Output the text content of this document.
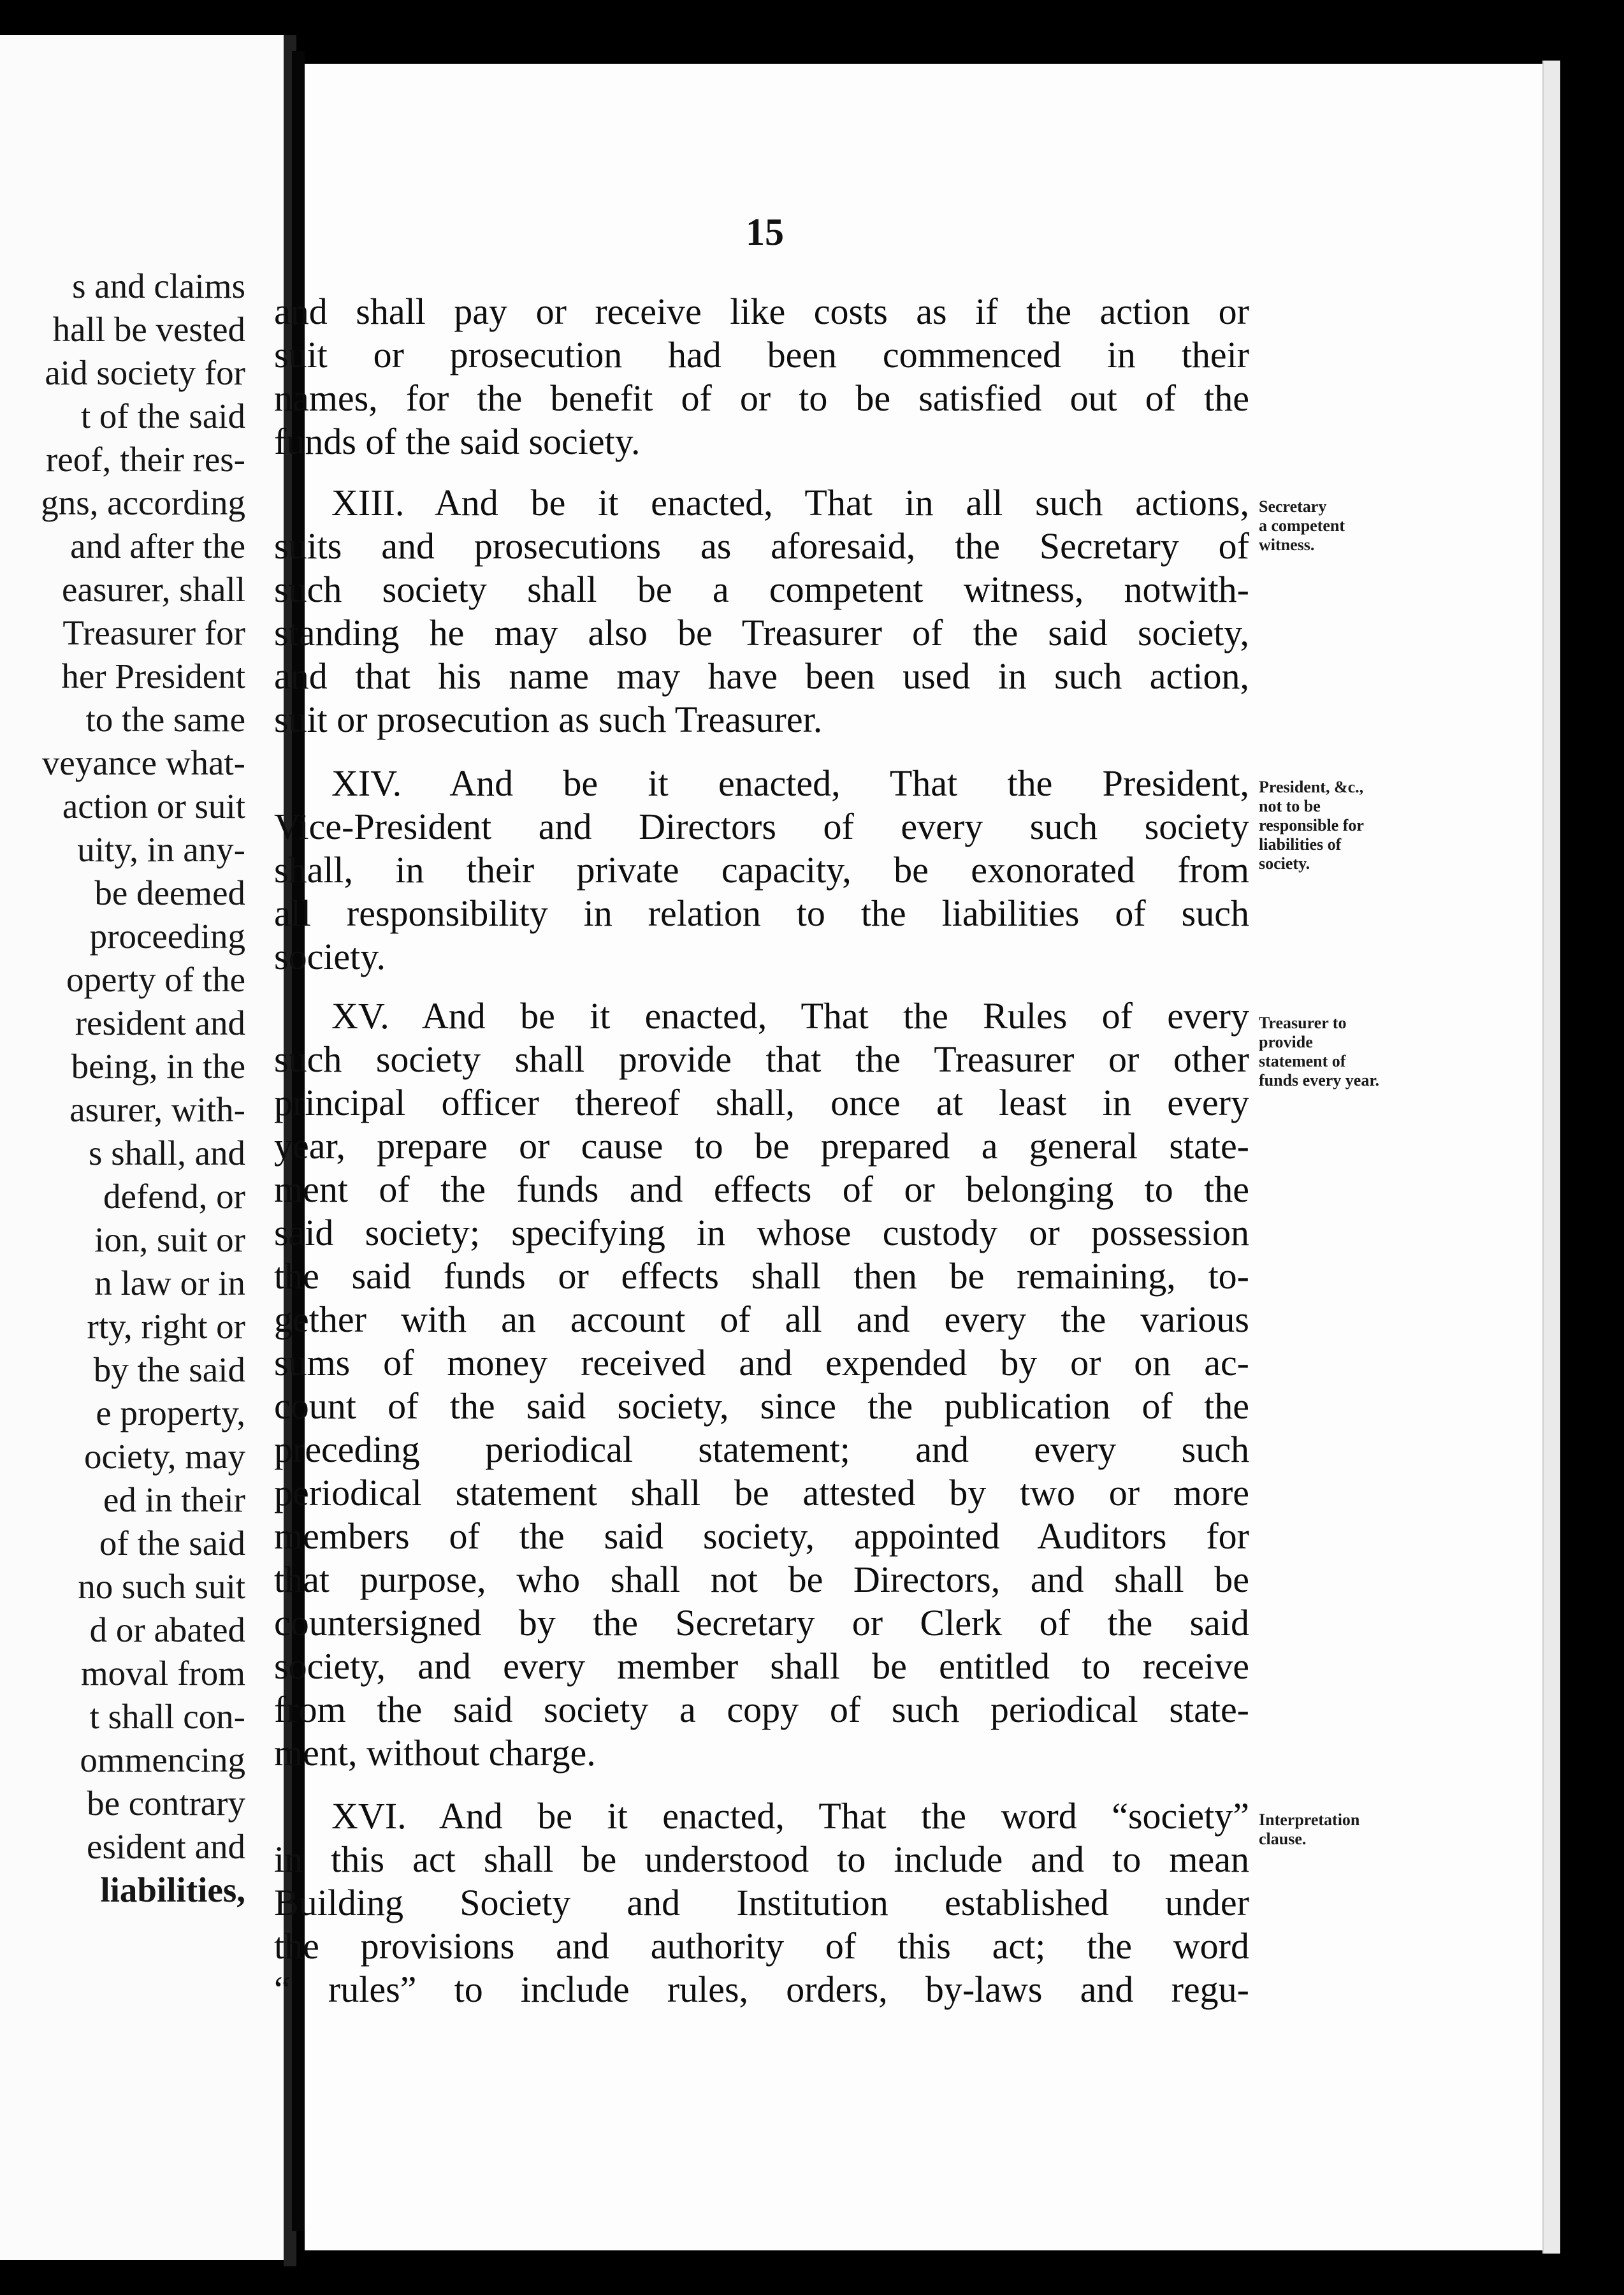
s and claims
hall be vested
aid society for
t of the said
reof, their res-
gns, according
and after the
easurer, shall
Treasurer for
her President
to the same
veyance what-
action or suit
uity, in any-
be deemed
proceeding
operty of the
resident and
being, in the
asurer, with-
s shall, and
defend, or
ion, suit or
n law or in
rty, right or
by the said
e property,
ociety, may
ed in their
of the said
no such suit
d or abated
moval from
t shall con-
ommencing
be contrary
esident and
liabilities,
15
and shall pay or receive like costs as if the action or
suit or prosecution had been commenced in their
names, for the benefit of or to be satisfied out of the
funds of the said society.
XIII. And be it enacted, That in all such actions,
suits and prosecutions as aforesaid, the Secretary of
such society shall be a competent witness, notwith-
standing he may also be Treasurer of the said society,
and that his name may have been used in such action,
suit or prosecution as such Treasurer.
XIV. And be it enacted, That the President,
Vice-President and Directors of every such society
shall, in their private capacity, be exonorated from
all responsibility in relation to the liabilities of such
society.
XV. And be it enacted, That the Rules of every
such society shall provide that the Treasurer or other
principal officer thereof shall, once at least in every
year, prepare or cause to be prepared a general state-
ment of the funds and effects of or belonging to the
said society; specifying in whose custody or possession
the said funds or effects shall then be remaining, to-
gether with an account of all and every the various
sums of money received and expended by or on ac-
count of the said society, since the publication of the
preceding periodical statement; and every such
periodical statement shall be attested by two or more
members of the said society, appointed Auditors for
that purpose, who shall not be Directors, and shall be
countersigned by the Secretary or Clerk of the said
society, and every member shall be entitled to receive
from the said society a copy of such periodical state-
ment, without charge.
XVI. And be it enacted, That the word “society”
in this act shall be understood to include and to mean
Building Society and Institution established under
the provisions and authority of this act; the word
“ rules” to include rules, orders, by-laws and regu-
Secretary
a competent
witness.
President, &c.,
not to be
responsible for
liabilities of
society.
Treasurer to
provide
statement of
funds every year.
Interpretation
clause.
